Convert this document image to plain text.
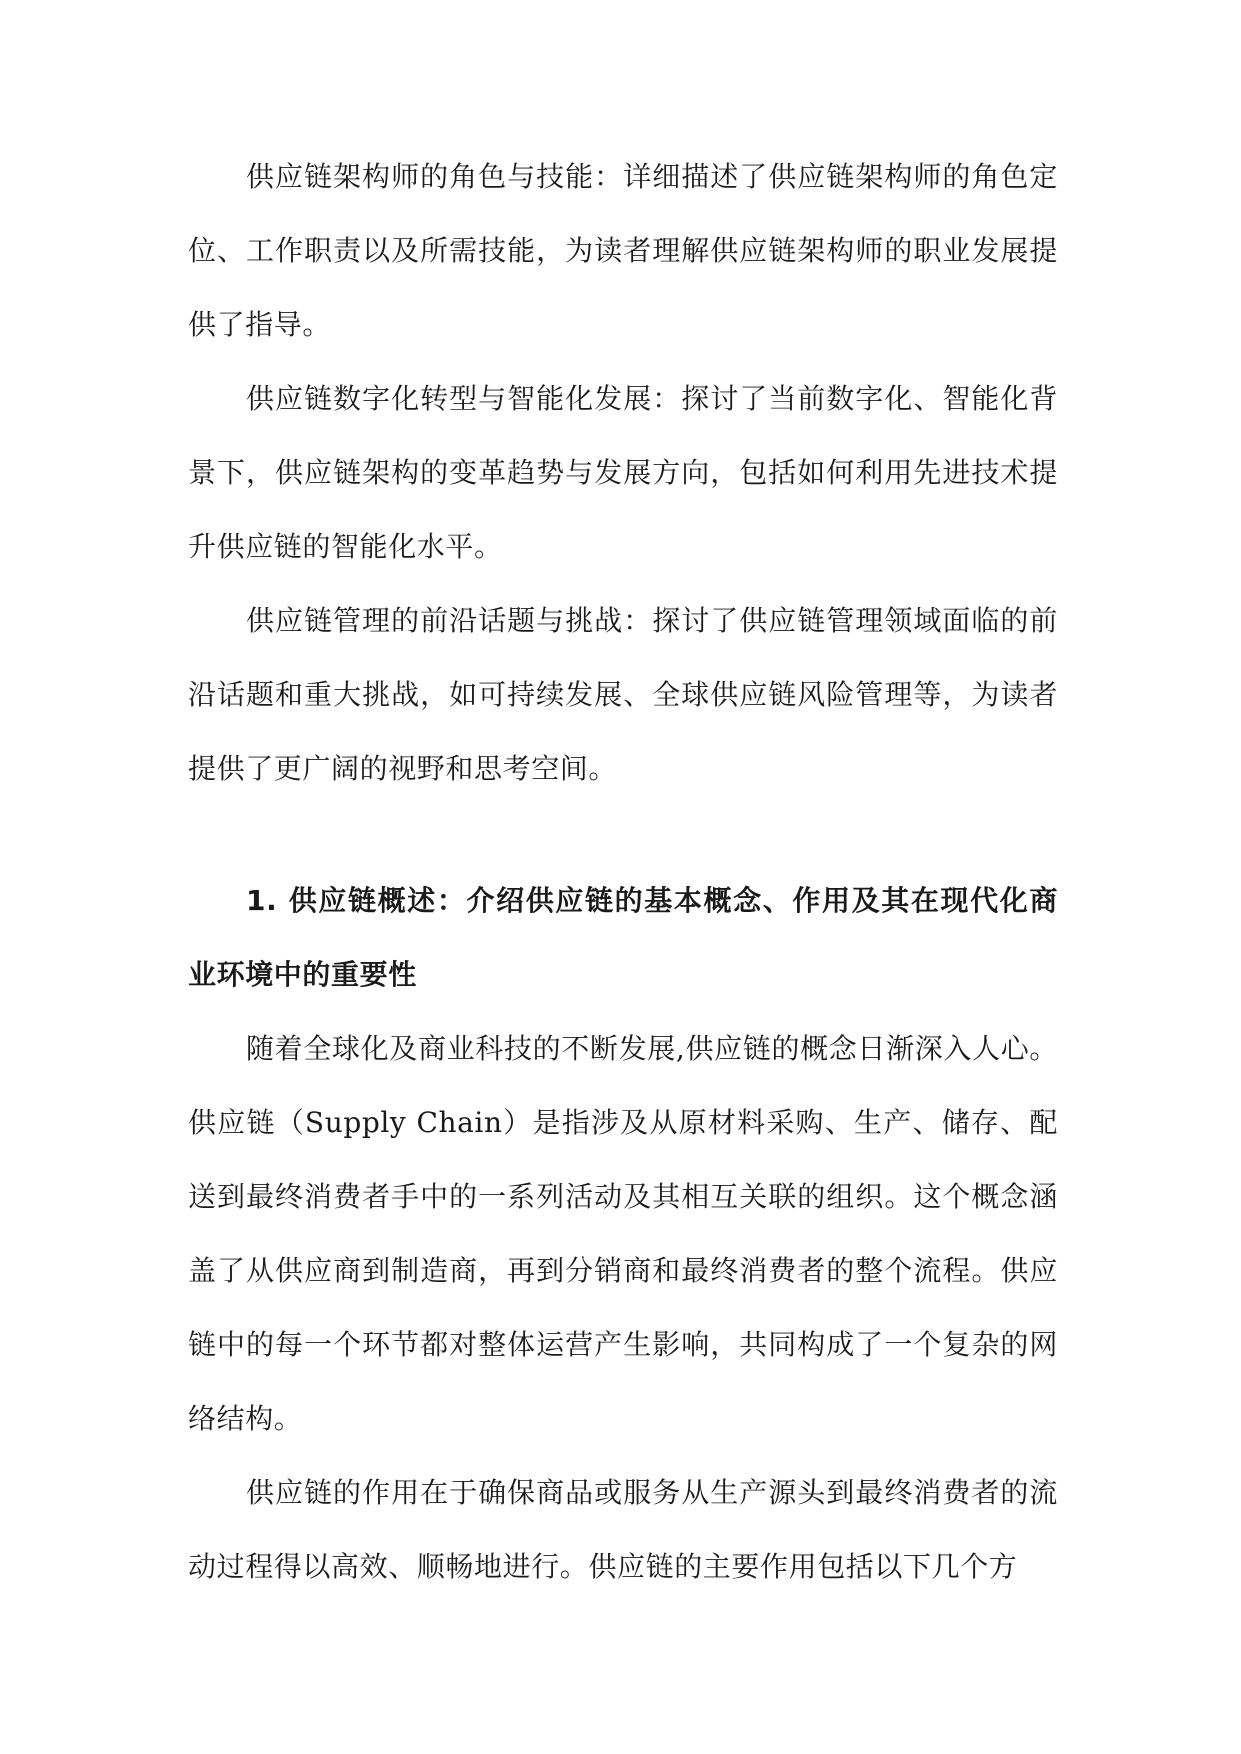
供应链架构师的角色与技能：详细描述了供应链架构师的角色定位、工作职责以及所需技能，为读者理解供应链架构师的职业发展提供了指导。

供应链数字化转型与智能化发展：探讨了当前数字化、智能化背景下，供应链架构的变革趋势与发展方向，包括如何利用先进技术提升供应链的智能化水平。

供应链管理的前沿话题与挑战：探讨了供应链管理领域面临的前沿话题和重大挑战，如可持续发展、全球供应链风险管理等，为读者提供了更广阔的视野和思考空间。

1. 供应链概述：介绍供应链的基本概念、作用及其在现代化商业环境中的重要性

随着全球化及商业科技的不断发展,供应链的概念日渐深入人心。供应链（Supply Chain）是指涉及从原材料采购、生产、储存、配送到最终消费者手中的一系列活动及其相互关联的组织。这个概念涵盖了从供应商到制造商，再到分销商和最终消费者的整个流程。供应链中的每一个环节都对整体运营产生影响，共同构成了一个复杂的网络结构。

供应链的作用在于确保商品或服务从生产源头到最终消费者的流动过程得以高效、顺畅地进行。供应链的主要作用包括以下几个方
